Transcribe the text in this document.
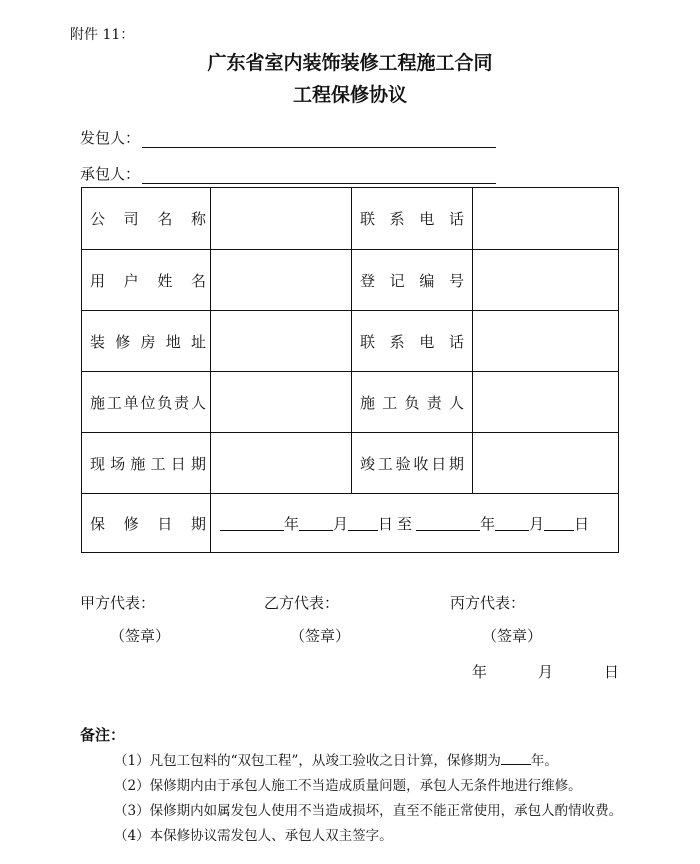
附件 11：
广东省室内装饰装修工程施工合同
工程保修协议
发包人：
承包人：
公 司 名 称	联 系 电 话
用 户 姓 名	登 记 编 号
装 修 房 地 址	联 系 电 话
施 工 单 位 负 责 人	施 工 负 责 人
现 场 施 工 日 期	竣 工 验 收 日 期
保 修 日 期	年 月 日 至	年 月 日
甲方代表：	乙方代表：	丙方代表：
（签章）	（签章）	（签章）
年	月	日
备注：
（1）凡包工包料的“双包工程”，从竣工验收之日计算，保修期为 年。
（2）保修期内由于承包人施工不当造成质量问题，承包人无条件地进行维修。
（3）保修期内如属发包人使用不当造成损坏，直至不能正常使用，承包人酌情收费。
（4）本保修协议需发包人、承包人双主签字。
